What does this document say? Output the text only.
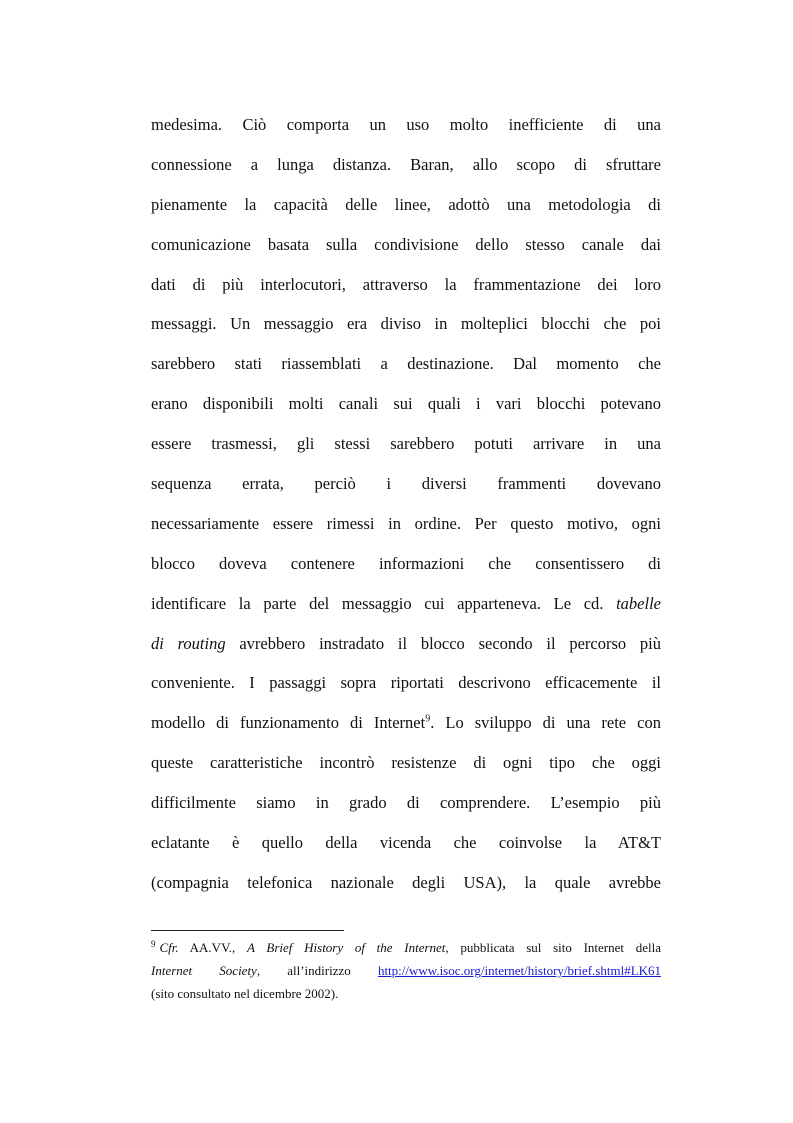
medesima. Ciò comporta un uso molto inefficiente di una
connessione a lunga distanza. Baran, allo scopo di sfruttare
pienamente la capacità delle linee, adottò una metodologia di
comunicazione basata sulla condivisione dello stesso canale dai
dati di più interlocutori, attraverso la frammentazione dei loro
messaggi. Un messaggio era diviso in molteplici blocchi che poi
sarebbero stati riassemblati a destinazione. Dal momento che
erano disponibili molti canali sui quali i vari blocchi potevano
essere trasmessi, gli stessi sarebbero potuti arrivare in una
sequenza errata, perciò i diversi frammenti dovevano
necessariamente essere rimessi in ordine. Per questo motivo, ogni
blocco doveva contenere informazioni che consentissero di
identificare la parte del messaggio cui apparteneva. Le cd. tabelle
di routing avrebbero instradato il blocco secondo il percorso più
conveniente. I passaggi sopra riportati descrivono efficacemente il
modello di funzionamento di Internet$^9$. Lo sviluppo di una rete con
queste caratteristiche incontrò resistenze di ogni tipo che oggi
difficilmente siamo in grado di comprendere. L’esempio più
eclatante è quello della vicenda che coinvolse la AT&T
(compagnia telefonica nazionale degli USA), la quale avrebbe
$^9$ Cfr. AA.VV., A Brief History of the Internet, pubblicata sul sito Internet della
Internet Society, all’indirizzo http://www.isoc.org/internet/history/brief.shtml#LK61
(sito consultato nel dicembre 2002).
